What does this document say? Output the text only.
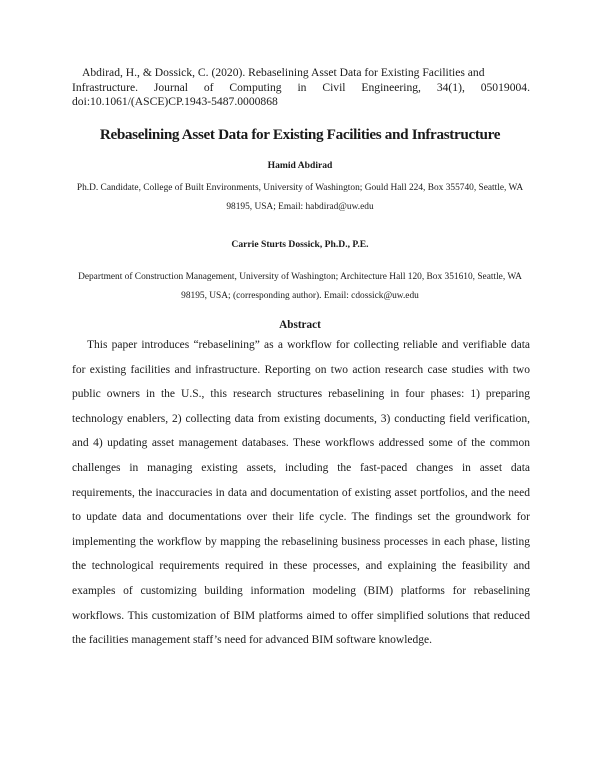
Abdirad, H., & Dossick, C. (2020). Rebaselining Asset Data for Existing Facilities and
Infrastructure. Journal of Computing in Civil Engineering, 34(1), 05019004. doi:10.1061/(ASCE)CP.1943-5487.0000868
Rebaselining Asset Data for Existing Facilities and Infrastructure
Hamid Abdirad
Ph.D. Candidate, College of Built Environments, University of Washington; Gould Hall 224, Box 355740, Seattle, WA 98195, USA; Email: habdirad@uw.edu
Carrie Sturts Dossick, Ph.D., P.E.
Department of Construction Management, University of Washington; Architecture Hall 120, Box 351610, Seattle, WA 98195, USA; (corresponding author). Email: cdossick@uw.edu
Abstract
This paper introduces “rebaselining” as a workflow for collecting reliable and verifiable data for existing facilities and infrastructure. Reporting on two action research case studies with two public owners in the U.S., this research structures rebaselining in four phases: 1) preparing technology enablers, 2) collecting data from existing documents, 3) conducting field verification, and 4) updating asset management databases. These workflows addressed some of the common challenges in managing existing assets, including the fast-paced changes in asset data requirements, the inaccuracies in data and documentation of existing asset portfolios, and the need to update data and documentations over their life cycle. The findings set the groundwork for implementing the workflow by mapping the rebaselining business processes in each phase, listing the technological requirements required in these processes, and explaining the feasibility and examples of customizing building information modeling (BIM) platforms for rebaselining workflows. This customization of BIM platforms aimed to offer simplified solutions that reduced the facilities management staff’s need for advanced BIM software knowledge.
